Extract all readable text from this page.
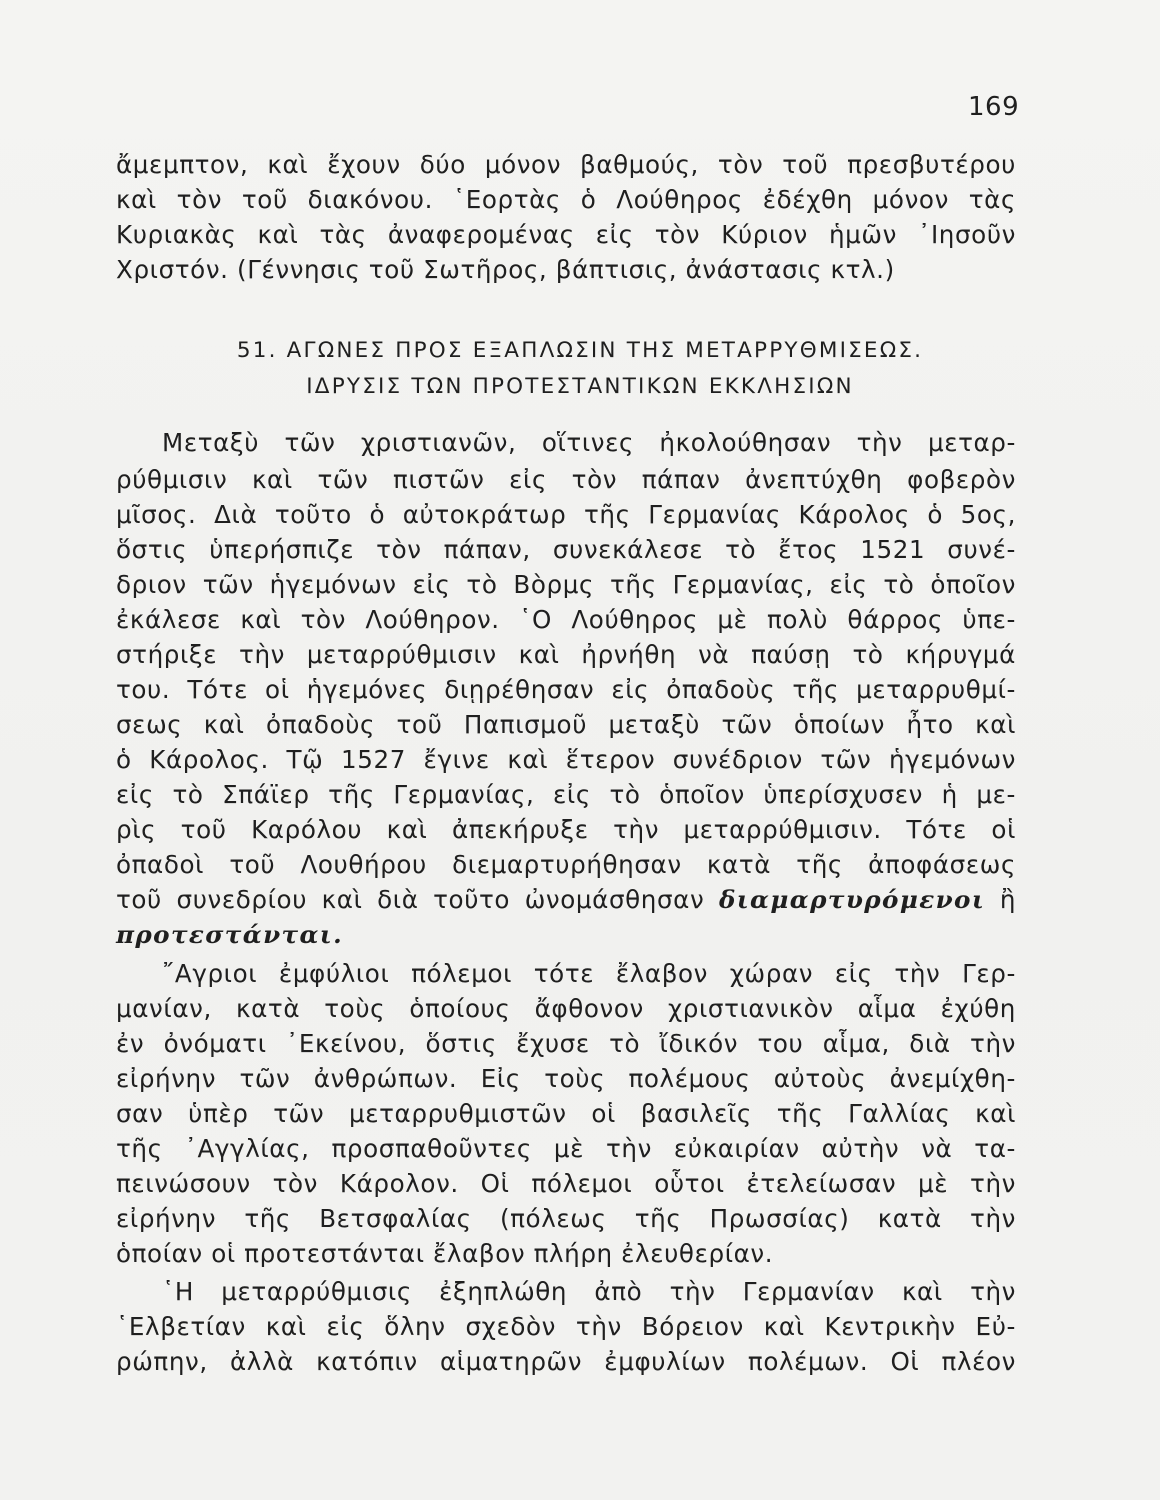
169
ἄμεμπτον, καὶ ἔχουν δύο μόνον βαθμούς, τὸν τοῦ πρεσβυτέρου
καὶ τὸν τοῦ διακόνου. ῾Εορτὰς ὁ Λούθηρος ἐδέχθη μόνον τὰς
Κυριακὰς καὶ τὰς ἀναφερομένας εἰς τὸν Κύριον ἡμῶν ᾿Ιησοῦν
Χριστόν. (Γέννησις τοῦ Σωτῆρος, βάπτισις, ἀνάστασις κτλ.)
51. ΑΓΩΝΕΣ ΠΡΟΣ ΕΞΑΠΛΩΣΙΝ ΤΗΣ ΜΕΤΑΡΡΥΘΜΙΣΕΩΣ.
ΙΔΡΥΣΙΣ ΤΩΝ ΠΡΟΤΕΣΤΑΝΤΙΚΩΝ ΕΚΚΛΗΣΙΩΝ
Μεταξὺ τῶν χριστιανῶν, οἵτινες ἠκολούθησαν τὴν μεταρ-
ρύθμισιν καὶ τῶν πιστῶν εἰς τὸν πάπαν ἀνεπτύχθη φοβερὸν
μῖσος. Διὰ τοῦτο ὁ αὐτοκράτωρ τῆς Γερμανίας Κάρολος ὁ 5ος,
ὅστις ὑπερήσπιζε τὸν πάπαν, συνεκάλεσε τὸ ἔτος 1521 συνέ-
δριον τῶν ἡγεμόνων εἰς τὸ Βὸρμς τῆς Γερμανίας, εἰς τὸ ὁποῖον
ἐκάλεσε καὶ τὸν Λούθηρον. ῾Ο Λούθηρος μὲ πολὺ θάρρος ὑπε-
στήριξε τὴν μεταρρύθμισιν καὶ ἠρνήθη νὰ παύσῃ τὸ κήρυγμά
του. Τότε οἱ ἡγεμόνες διῃρέθησαν εἰς ὀπαδοὺς τῆς μεταρρυθμί-
σεως καὶ ὀπαδοὺς τοῦ Παπισμοῦ μεταξὺ τῶν ὁποίων ἦτο καὶ
ὁ Κάρολος. Τῷ 1527 ἔγινε καὶ ἕτερον συνέδριον τῶν ἡγεμόνων
εἰς τὸ Σπάϊερ τῆς Γερμανίας, εἰς τὸ ὁποῖον ὑπερίσχυσεν ἡ με-
ρὶς τοῦ Καρόλου καὶ ἀπεκήρυξε τὴν μεταρρύθμισιν. Τότε οἱ
ὀπαδοὶ τοῦ Λουθήρου διεμαρτυρήθησαν κατὰ τῆς ἀποφάσεως
τοῦ συνεδρίου καὶ διὰ τοῦτο ὠνομάσθησαν διαμαρτυρόμενοι ἢ
προτεστάνται.
῎Αγριοι ἐμφύλιοι πόλεμοι τότε ἔλαβον χώραν εἰς τὴν Γερ-
μανίαν, κατὰ τοὺς ὁποίους ἄφθονον χριστιανικὸν αἷμα ἐχύθη
ἐν ὀνόματι ᾿Εκείνου, ὅστις ἔχυσε τὸ ἴδικόν του αἷμα, διὰ τὴν
εἰρήνην τῶν ἀνθρώπων. Εἰς τοὺς πολέμους αὐτοὺς ἀνεμίχθη-
σαν ὑπὲρ τῶν μεταρρυθμιστῶν οἱ βασιλεῖς τῆς Γαλλίας καὶ
τῆς ᾿Αγγλίας, προσπαθοῦντες μὲ τὴν εὐκαιρίαν αὐτὴν νὰ τα-
πεινώσουν τὸν Κάρολον. Οἱ πόλεμοι οὗτοι ἐτελείωσαν μὲ τὴν
εἰρήνην τῆς Βετσφαλίας (πόλεως τῆς Πρωσσίας) κατὰ τὴν
ὁποίαν οἱ προτεστάνται ἔλαβον πλήρη ἐλευθερίαν.
῾Η μεταρρύθμισις ἐξηπλώθη ἀπὸ τὴν Γερμανίαν καὶ τὴν
῾Ελβετίαν καὶ εἰς ὅλην σχεδὸν τὴν Βόρειον καὶ Κεντρικὴν Εὐ-
ρώπην, ἀλλὰ κατόπιν αἱματηρῶν ἐμφυλίων πολέμων. Οἱ πλέον
